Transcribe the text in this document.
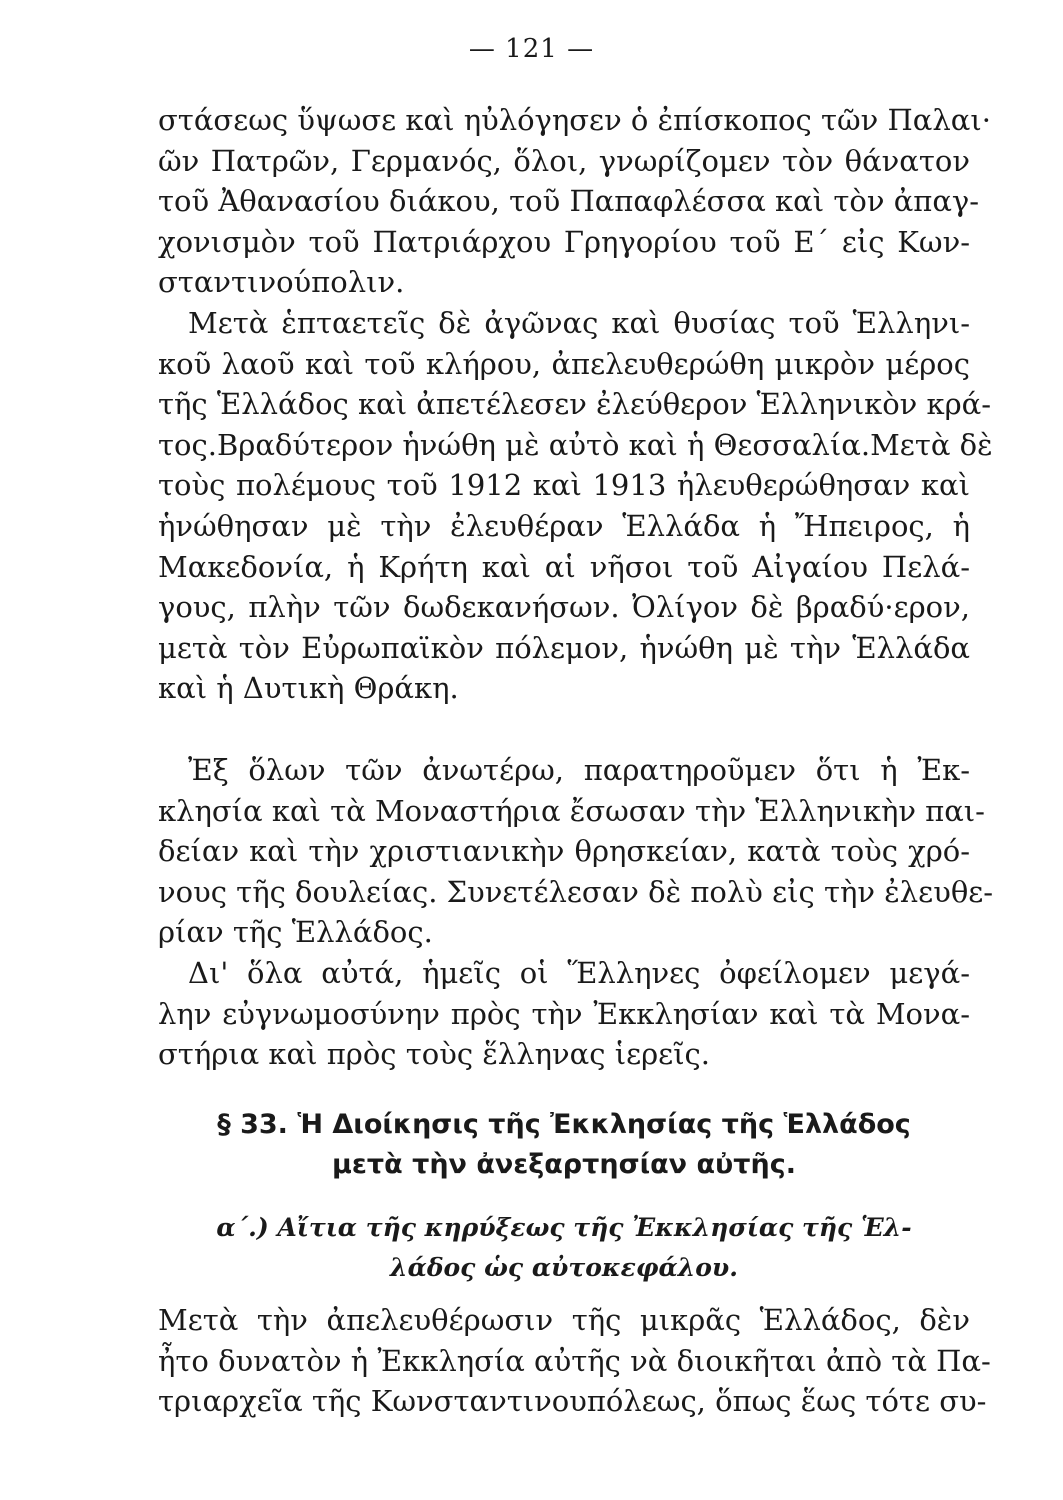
— 121 —
στάσεως ὕψωσε καὶ ηὐλόγησεν ὁ ἐπίσκοπος τῶν Παλαι·
ῶν Πατρῶν, Γερμανός, ὅλοι, γνωρίζομεν τὸν θάνατον
τοῦ Ἀθανασίου διάκου, τοῦ Παπαφλέσσα καὶ τὸν ἀπαγ-
χονισμὸν τοῦ Πατριάρχου Γρηγορίου τοῦ Ε΄ εἰς Κων-
σταντινούπολιν.
Μετὰ ἑπταετεῖς δὲ ἀγῶνας καὶ θυσίας τοῦ Ἑλληνι-
κοῦ λαοῦ καὶ τοῦ κλήρου, ἀπελευθερώθη μικρὸν μέρος
τῆς Ἑλλάδος καὶ ἀπετέλεσεν ἐλεύθερον Ἑλληνικὸν κρά-
τος.Βραδύτερον ἡνώθη μὲ αὐτὸ καὶ ἡ Θεσσαλία.Μετὰ δὲ
τοὺς πολέμους τοῦ 1912 καὶ 1913 ἠλευθερώθησαν καὶ
ἡνώθησαν μὲ τὴν ἐλευθέραν Ἑλλάδα ἡ Ἤπειρος, ἡ
Μακεδονία, ἡ Κρήτη καὶ αἱ νῆσοι τοῦ Αἰγαίου Πελά-
γους, πλὴν τῶν δωδεκανήσων. Ὀλίγον δὲ βραδύ·ερον,
μετὰ τὸν Εὐρωπαϊκὸν πόλεμον, ἡνώθη μὲ τὴν Ἑλλάδα
καὶ ἡ Δυτικὴ Θράκη.
Ἐξ ὅλων τῶν ἀνωτέρω, παρατηροῦμεν ὅτι ἡ Ἐκ-
κλησία καὶ τὰ Μοναστήρια ἔσωσαν τὴν Ἑλληνικὴν παι-
δείαν καὶ τὴν χριστιανικὴν θρησκείαν, κατὰ τοὺς χρό-
νους τῆς δουλείας. Συνετέλεσαν δὲ πολὺ εἰς τὴν ἐλευθε-
ρίαν τῆς Ἑλλάδος.
Δι' ὅλα αὐτά, ἡμεῖς οἱ Ἕλληνες ὀφείλομεν μεγά-
λην εὐγνωμοσύνην πρὸς τὴν Ἐκκλησίαν καὶ τὰ Μονα-
στήρια καὶ πρὸς τοὺς ἕλληνας ἱερεῖς.
§ 33. Ἡ Διοίκησις τῆς Ἐκκλησίας τῆς Ἑλλάδος
μετὰ τὴν ἀνεξαρτησίαν αὐτῆς.
α΄.) Αἴτια τῆς κηρύξεως τῆς Ἐκκλησίας τῆς Ἑλ-
λάδος ὡς αὐτοκεφάλου.
Μετὰ τὴν ἀπελευθέρωσιν τῆς μικρᾶς Ἑλλάδος, δὲν
ἦτο δυνατὸν ἡ Ἐκκλησία αὐτῆς νὰ διοικῆται ἀπὸ τὰ Πα-
τριαρχεῖα τῆς Κωνσταντινουπόλεως, ὅπως ἕως τότε συ-
